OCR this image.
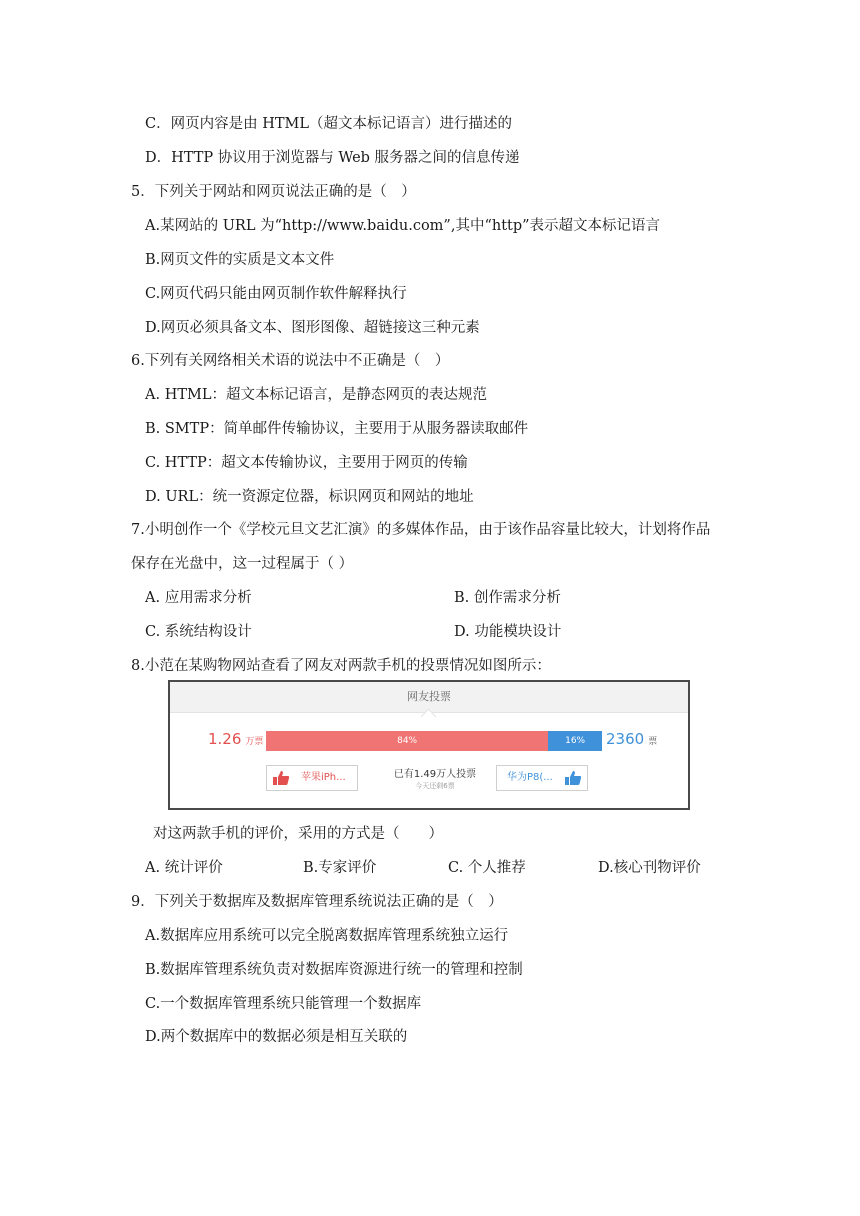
C．网页内容是由 HTML（超文本标记语言）进行描述的
D．HTTP 协议用于浏览器与 Web 服务器之间的信息传递
5．下列关于网站和网页说法正确的是（　）
A.某网站的 URL 为“http://www.baidu.com”,其中“http”表示超文本标记语言
B.网页文件的实质是文本文件
C.网页代码只能由网页制作软件解释执行
D.网页必须具备文本、图形图像、超链接这三种元素
6.下列有关网络相关术语的说法中不正确是（　）
A. HTML：超文本标记语言，是静态网页的表达规范
B. SMTP：简单邮件传输协议，主要用于从服务器读取邮件
C. HTTP：超文本传输协议，主要用于网页的传输
D. URL：统一资源定位器，标识网页和网站的地址
7.小明创作一个《学校元旦文艺汇演》的多媒体作品，由于该作品容量比较大，计划将作品
保存在光盘中，这一过程属于（ ）
A. 应用需求分析	B. 创作需求分析
C. 系统结构设计	D. 功能模块设计
8.小范在某购物网站查看了网友对两款手机的投票情况如图所示：
网友投票
1.26 万票	84%	16%	2360 票
苹果iPh...	已有1.49万人投票
今天还剩6票
华为P8(...
对这两款手机的评价，采用的方式是（　　）
A. 统计评价	B.专家评价	C. 个人推荐	D.核心刊物评价
9．下列关于数据库及数据库管理系统说法正确的是（　）
A.数据库应用系统可以完全脱离数据库管理系统独立运行
B.数据库管理系统负责对数据库资源进行统一的管理和控制
C.一个数据库管理系统只能管理一个数据库
D.两个数据库中的数据必须是相互关联的
